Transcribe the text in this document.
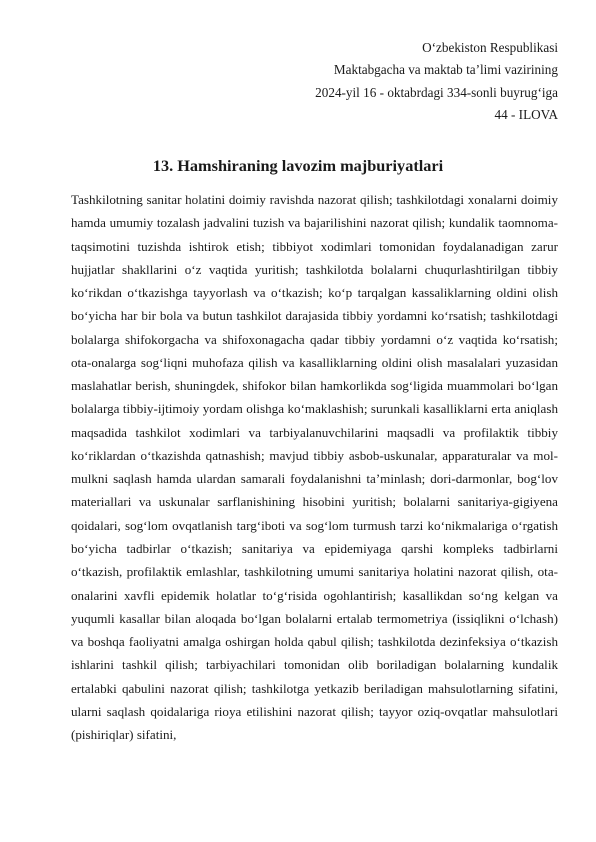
O‘zbekiston Respublikasi
Maktabgacha va maktab ta’limi vazirining
2024-yil 16 - oktabrdagi 334-sonli buyrug‘iga
44 - ILOVA
13. Hamshiraning lavozim majburiyatlari

Tashkilotning sanitar holatini doimiy ravishda nazorat qilish; tashkilotdagi xonalarni doimiy hamda umumiy tozalash jadvalini tuzish va bajarilishini nazorat qilish; kundalik taomnoma-taqsimotini tuzishda ishtirok etish; tibbiyot xodimlari tomonidan foydalanadigan zarur hujjatlar shakllarini o‘z vaqtida yuritish; tashkilotda bolalarni chuqurlashtirilgan tibbiy ko‘rikdan o‘tkazishga tayyorlash va o‘tkazish; ko‘p tarqalgan kassaliklarning oldini olish bo‘yicha har bir bola va butun tashkilot darajasida tibbiy yordamni ko‘rsatish; tashkilotdagi bolalarga shifokorgacha va shifoxonagacha qadar tibbiy yordamni o‘z vaqtida ko‘rsatish; ota-onalarga sog‘liqni muhofaza qilish va kasalliklarning oldini olish masalalari yuzasidan maslahatlar berish, shuningdek, shifokor bilan hamkorlikda sog‘ligida muammolari bo‘lgan bolalarga tibbiy-ijtimoiy yordam olishga ko‘maklashish; surunkali kasalliklarni erta aniqlash maqsadida tashkilot xodimlari va tarbiyalanuvchilarini maqsadli va profilaktik tibbiy ko‘riklardan o‘tkazishda qatnashish; mavjud tibbiy asbob-uskunalar, apparaturalar va mol-mulkni saqlash hamda ulardan samarali foydalanishni ta’minlash; dori-darmonlar, bog‘lov materiallari va uskunalar sarflanishining hisobini yuritish; bolalarni sanitariya-gigiyena qoidalari, sog‘lom ovqatlanish targ‘iboti va sog‘lom turmush tarzi ko‘nikmalariga o‘rgatish bo‘yicha tadbirlar o‘tkazish; sanitariya va epidemiyaga qarshi kompleks tadbirlarni o‘tkazish, profilaktik emlashlar, tashkilotning umumi sanitariya holatini nazorat qilish, ota-onalarini xavfli epidemik holatlar to‘g‘risida ogohlantirish; kasallikdan so‘ng kelgan va yuqumli kasallar bilan aloqada bo‘lgan bolalarni ertalab termometriya (issiqlikni o‘lchash) va boshqa faoliyatni amalga oshirgan holda qabul qilish; tashkilotda dezinfeksiya o‘tkazish ishlarini tashkil qilish; tarbiyachilari tomonidan olib boriladigan bolalarning kundalik ertalabki qabulini nazorat qilish; tashkilotga yetkazib beriladigan mahsulotlarning sifatini, ularni saqlash qoidalariga rioya etilishini nazorat qilish; tayyor oziq-ovqatlar mahsulotlari (pishiriqlar) sifatini,
